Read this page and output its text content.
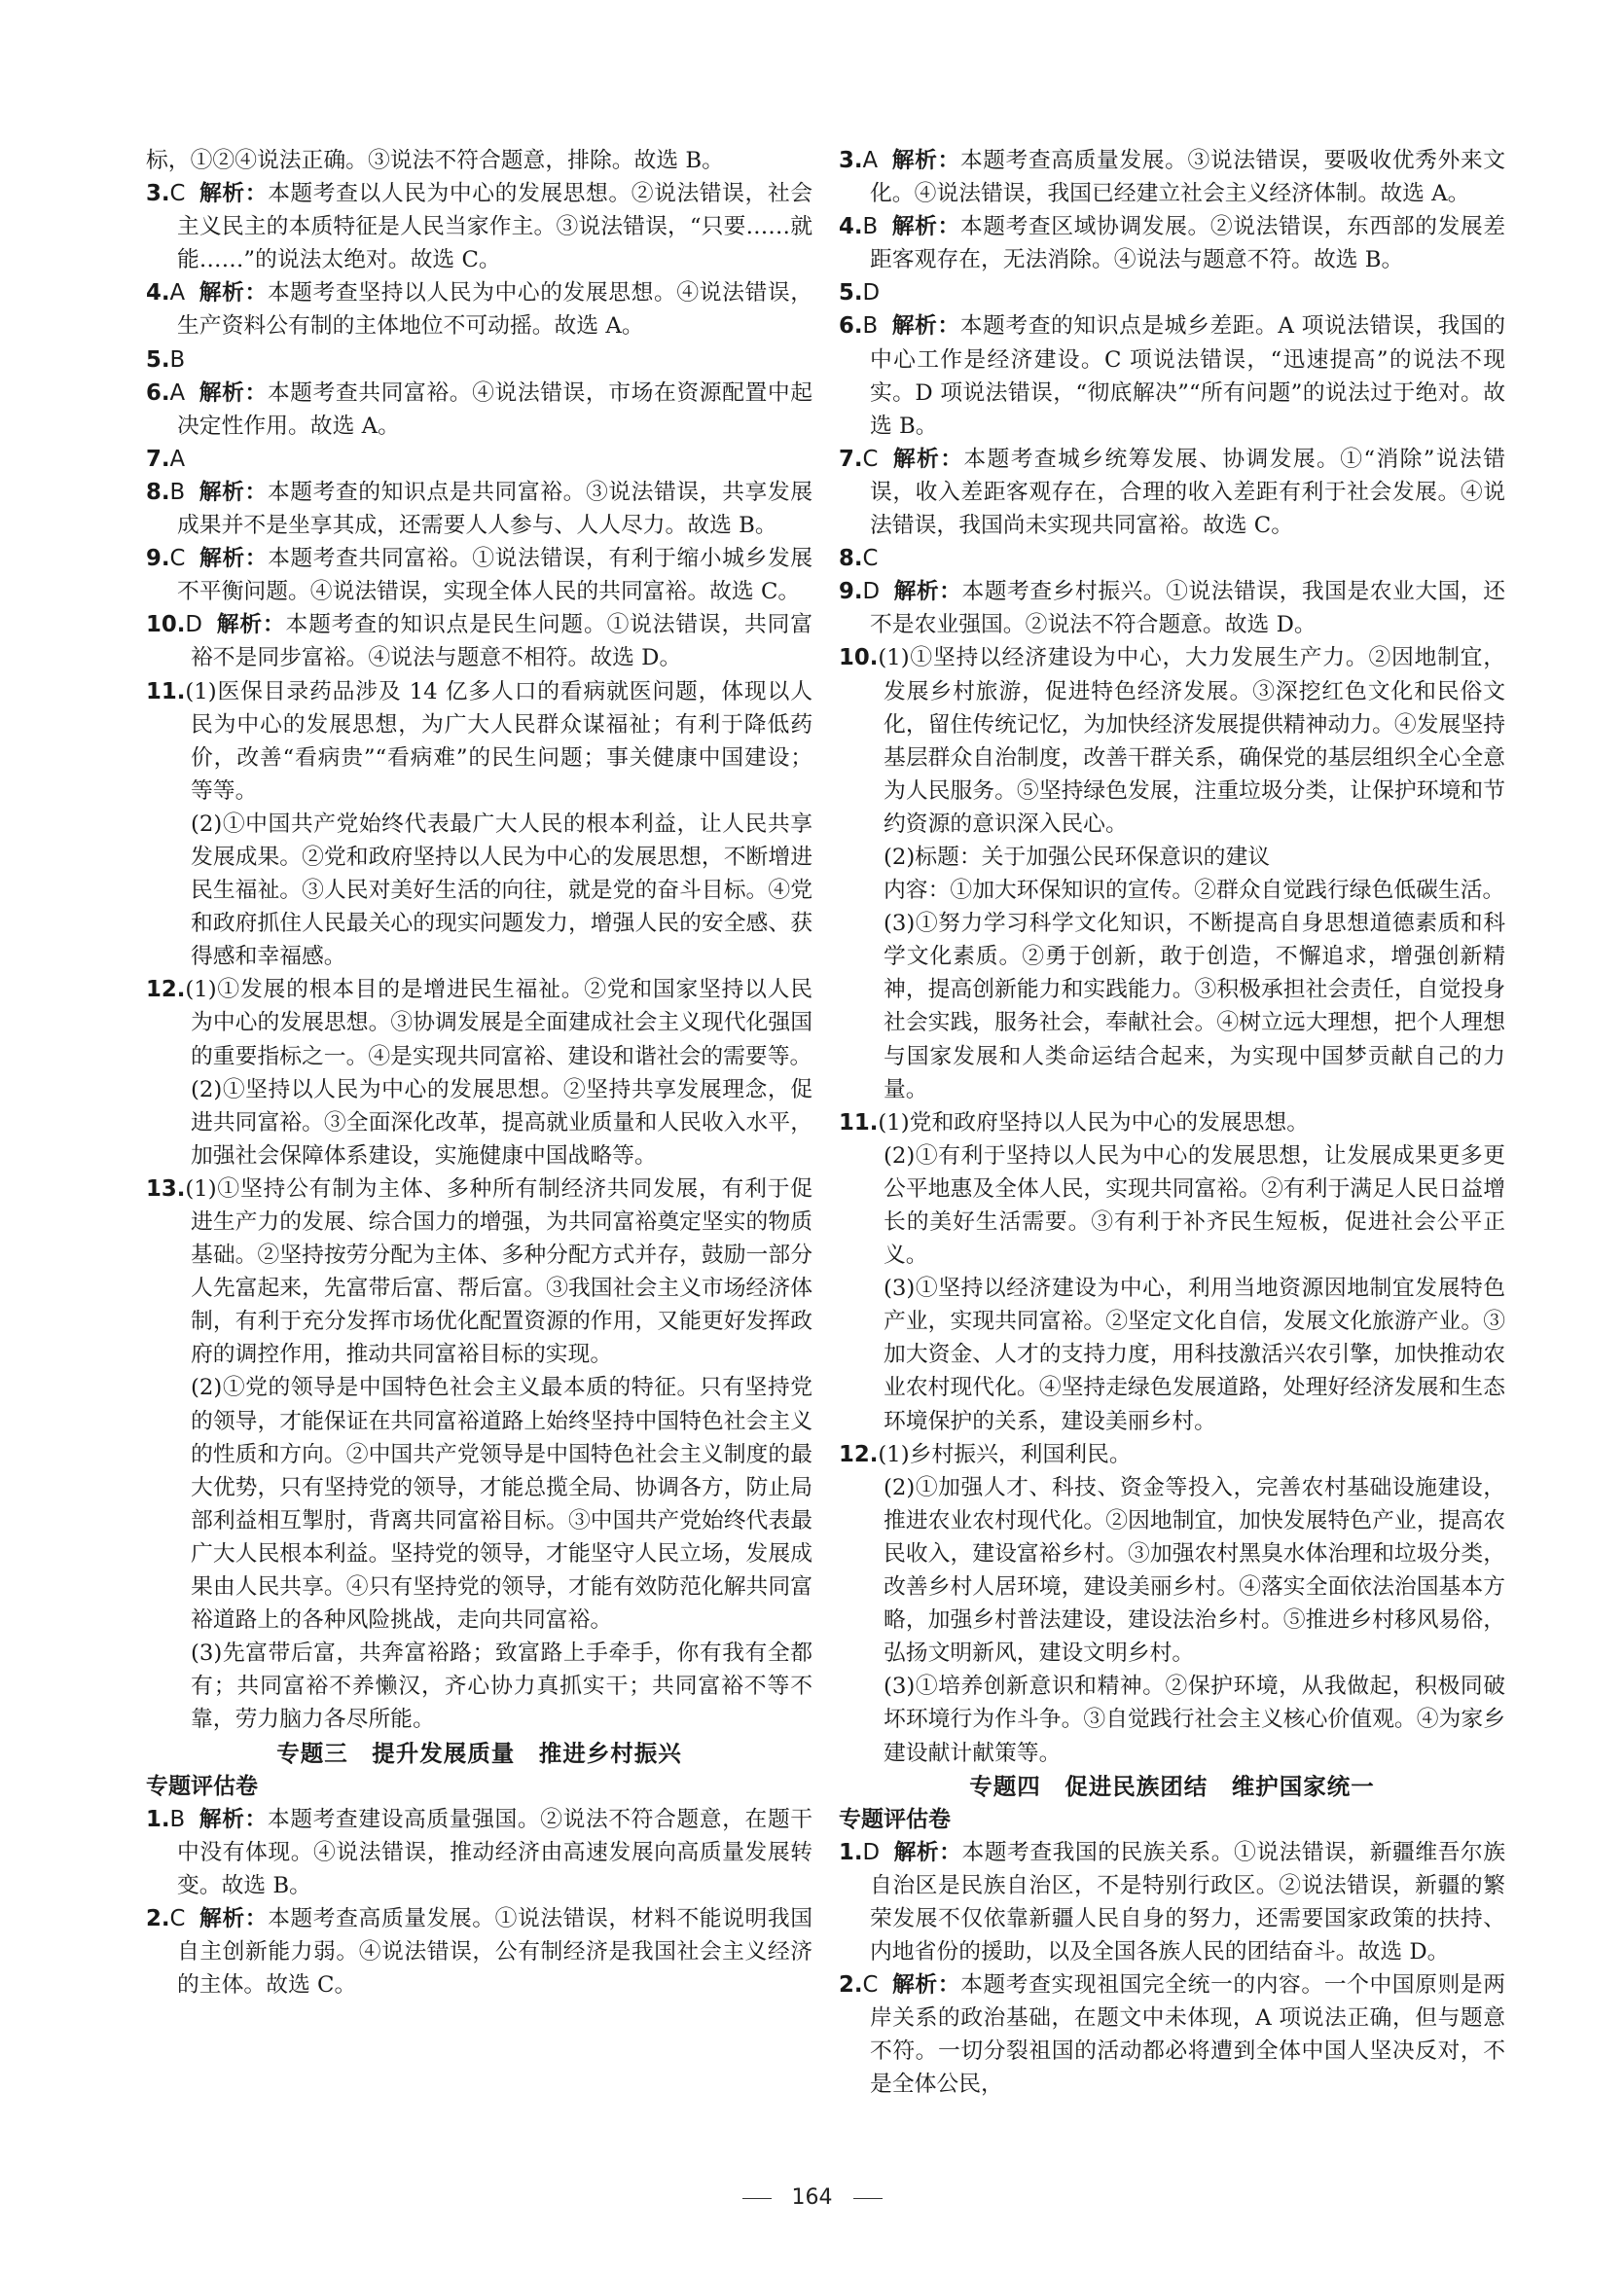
标，①②④说法正确。③说法不符合题意，排除。故选 B。
3.C 解析：本题考查以人民为中心的发展思想。②说法错误，社会主义民主的本质特征是人民当家作主。③说法错误，“只要……就能……”的说法太绝对。故选 C。
4.A 解析：本题考查坚持以人民为中心的发展思想。④说法错误，生产资料公有制的主体地位不可动摇。故选 A。
5.B
6.A 解析：本题考查共同富裕。④说法错误，市场在资源配置中起决定性作用。故选 A。
7.A
8.B 解析：本题考查的知识点是共同富裕。③说法错误，共享发展成果并不是坐享其成，还需要人人参与、人人尽力。故选 B。
9.C 解析：本题考查共同富裕。①说法错误，有利于缩小城乡发展不平衡问题。④说法错误，实现全体人民的共同富裕。故选 C。
10.D 解析：本题考查的知识点是民生问题。①说法错误，共同富裕不是同步富裕。④说法与题意不相符。故选 D。
11.(1)医保目录药品涉及 14 亿多人口的看病就医问题，体现以人民为中心的发展思想，为广大人民群众谋福祉；有利于降低药价，改善“看病贵”“看病难”的民生问题；事关健康中国建设；等等。
(2)①中国共产党始终代表最广大人民的根本利益，让人民共享发展成果。②党和政府坚持以人民为中心的发展思想，不断增进民生福祉。③人民对美好生活的向往，就是党的奋斗目标。④党和政府抓住人民最关心的现实问题发力，增强人民的安全感、获得感和幸福感。
12.(1)①发展的根本目的是增进民生福祉。②党和国家坚持以人民为中心的发展思想。③协调发展是全面建成社会主义现代化强国的重要指标之一。④是实现共同富裕、建设和谐社会的需要等。
(2)①坚持以人民为中心的发展思想。②坚持共享发展理念，促进共同富裕。③全面深化改革，提高就业质量和人民收入水平，加强社会保障体系建设，实施健康中国战略等。
13.(1)①坚持公有制为主体、多种所有制经济共同发展，有利于促进生产力的发展、综合国力的增强，为共同富裕奠定坚实的物质基础。②坚持按劳分配为主体、多种分配方式并存，鼓励一部分人先富起来，先富带后富、帮后富。③我国社会主义市场经济体制，有利于充分发挥市场优化配置资源的作用，又能更好发挥政府的调控作用，推动共同富裕目标的实现。
(2)①党的领导是中国特色社会主义最本质的特征。只有坚持党的领导，才能保证在共同富裕道路上始终坚持中国特色社会主义的性质和方向。②中国共产党领导是中国特色社会主义制度的最大优势，只有坚持党的领导，才能总揽全局、协调各方，防止局部利益相互掣肘，背离共同富裕目标。③中国共产党始终代表最广大人民根本利益。坚持党的领导，才能坚守人民立场，发展成果由人民共享。④只有坚持党的领导，才能有效防范化解共同富裕道路上的各种风险挑战，走向共同富裕。
(3)先富带后富，共奔富裕路；致富路上手牵手，你有我有全都有；共同富裕不养懒汉，齐心协力真抓实干；共同富裕不等不靠，劳力脑力各尽所能。
专题三　提升发展质量　推进乡村振兴
专题评估卷
1.B 解析：本题考查建设高质量强国。②说法不符合题意，在题干中没有体现。④说法错误，推动经济由高速发展向高质量发展转变。故选 B。
2.C 解析：本题考查高质量发展。①说法错误，材料不能说明我国自主创新能力弱。④说法错误，公有制经济是我国社会主义经济的主体。故选 C。
3.A 解析：本题考查高质量发展。③说法错误，要吸收优秀外来文化。④说法错误，我国已经建立社会主义经济体制。故选 A。
4.B 解析：本题考查区域协调发展。②说法错误，东西部的发展差距客观存在，无法消除。④说法与题意不符。故选 B。
5.D
6.B 解析：本题考查的知识点是城乡差距。A 项说法错误，我国的中心工作是经济建设。C 项说法错误，“迅速提高”的说法不现实。D 项说法错误，“彻底解决”“所有问题”的说法过于绝对。故选 B。
7.C 解析：本题考查城乡统筹发展、协调发展。①“消除”说法错误，收入差距客观存在，合理的收入差距有利于社会发展。④说法错误，我国尚未实现共同富裕。故选 C。
8.C
9.D 解析：本题考查乡村振兴。①说法错误，我国是农业大国，还不是农业强国。②说法不符合题意。故选 D。
10.(1)①坚持以经济建设为中心，大力发展生产力。②因地制宜，发展乡村旅游，促进特色经济发展。③深挖红色文化和民俗文化，留住传统记忆，为加快经济发展提供精神动力。④发展坚持基层群众自治制度，改善干群关系，确保党的基层组织全心全意为人民服务。⑤坚持绿色发展，注重垃圾分类，让保护环境和节约资源的意识深入民心。
(2)标题：关于加强公民环保意识的建议
内容：①加大环保知识的宣传。②群众自觉践行绿色低碳生活。
(3)①努力学习科学文化知识，不断提高自身思想道德素质和科学文化素质。②勇于创新，敢于创造，不懈追求，增强创新精神，提高创新能力和实践能力。③积极承担社会责任，自觉投身社会实践，服务社会，奉献社会。④树立远大理想，把个人理想与国家发展和人类命运结合起来，为实现中国梦贡献自己的力量。
11.(1)党和政府坚持以人民为中心的发展思想。
(2)①有利于坚持以人民为中心的发展思想，让发展成果更多更公平地惠及全体人民，实现共同富裕。②有利于满足人民日益增长的美好生活需要。③有利于补齐民生短板，促进社会公平正义。
(3)①坚持以经济建设为中心，利用当地资源因地制宜发展特色产业，实现共同富裕。②坚定文化自信，发展文化旅游产业。③加大资金、人才的支持力度，用科技激活兴农引擎，加快推动农业农村现代化。④坚持走绿色发展道路，处理好经济发展和生态环境保护的关系，建设美丽乡村。
12.(1)乡村振兴，利国利民。
(2)①加强人才、科技、资金等投入，完善农村基础设施建设，推进农业农村现代化。②因地制宜，加快发展特色产业，提高农民收入，建设富裕乡村。③加强农村黑臭水体治理和垃圾分类，改善乡村人居环境，建设美丽乡村。④落实全面依法治国基本方略，加强乡村普法建设，建设法治乡村。⑤推进乡村移风易俗，弘扬文明新风，建设文明乡村。
(3)①培养创新意识和精神。②保护环境，从我做起，积极同破坏环境行为作斗争。③自觉践行社会主义核心价值观。④为家乡建设献计献策等。
专题四　促进民族团结　维护国家统一
专题评估卷
1.D 解析：本题考查我国的民族关系。①说法错误，新疆维吾尔族自治区是民族自治区，不是特别行政区。②说法错误，新疆的繁荣发展不仅依靠新疆人民自身的努力，还需要国家政策的扶持、内地省份的援助，以及全国各族人民的团结奋斗。故选 D。
2.C 解析：本题考查实现祖国完全统一的内容。一个中国原则是两岸关系的政治基础，在题文中未体现，A 项说法正确，但与题意不符。一切分裂祖国的活动都必将遭到全体中国人坚决反对，不是全体公民，
164
